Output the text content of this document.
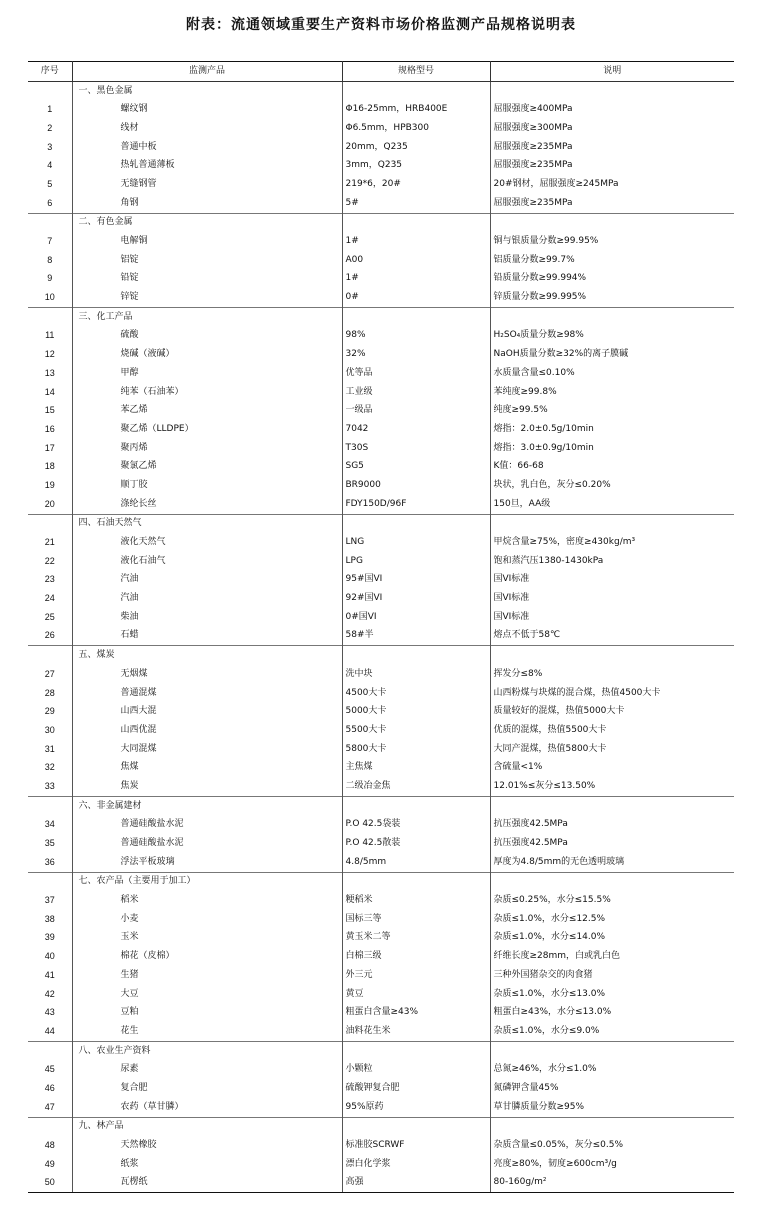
附表：流通领域重要生产资料市场价格监测产品规格说明表
序号	监测产品	规格型号	说明
	一、黑色金属		
1	螺纹钢	Φ16-25mm，HRB400E	屈服强度≥400MPa
2	线材	Φ6.5mm，HPB300	屈服强度≥300MPa
3	普通中板	20mm，Q235	屈服强度≥235MPa
4	热轧普通薄板	3mm，Q235	屈服强度≥235MPa
5	无缝钢管	219*6，20#	20#钢材，屈服强度≥245MPa
6	角钢	5#	屈服强度≥235MPa
	二、有色金属		
7	电解铜	1#	铜与银质量分数≥99.95%
8	铝锭	A00	铝质量分数≥99.7%
9	铅锭	1#	铅质量分数≥99.994%
10	锌锭	0#	锌质量分数≥99.995%
	三、化工产品		
11	硫酸	98%	H₂SO₄质量分数≥98%
12	烧碱（液碱）	32%	NaOH质量分数≥32%的离子膜碱
13	甲醇	优等品	水质量含量≤0.10%
14	纯苯（石油苯）	工业级	苯纯度≥99.8%
15	苯乙烯	一级品	纯度≥99.5%
16	聚乙烯（LLDPE）	7042	熔指：2.0±0.5g/10min
17	聚丙烯	T30S	熔指：3.0±0.9g/10min
18	聚氯乙烯	SG5	K值：66-68
19	顺丁胶	BR9000	块状，乳白色，灰分≤0.20%
20	涤纶长丝	FDY150D/96F	150旦，AA级
	四、石油天然气		
21	液化天然气	LNG	甲烷含量≥75%，密度≥430kg/m³
22	液化石油气	LPG	饱和蒸汽压1380-1430kPa
23	汽油	95#国VI	国VI标准
24	汽油	92#国VI	国VI标准
25	柴油	0#国VI	国VI标准
26	石蜡	58#半	熔点不低于58℃
	五、煤炭		
27	无烟煤	洗中块	挥发分≤8%
28	普通混煤	4500大卡	山西粉煤与块煤的混合煤，热值4500大卡
29	山西大混	5000大卡	质量较好的混煤，热值5000大卡
30	山西优混	5500大卡	优质的混煤，热值5500大卡
31	大同混煤	5800大卡	大同产混煤，热值5800大卡
32	焦煤	主焦煤	含硫量<1%
33	焦炭	二级冶金焦	12.01%≤灰分≤13.50%
	六、非金属建材		
34	普通硅酸盐水泥	P.O 42.5袋装	抗压强度42.5MPa
35	普通硅酸盐水泥	P.O 42.5散装	抗压强度42.5MPa
36	浮法平板玻璃	4.8/5mm	厚度为4.8/5mm的无色透明玻璃
	七、农产品（主要用于加工）		
37	稻米	粳稻米	杂质≤0.25%，水分≤15.5%
38	小麦	国标三等	杂质≤1.0%，水分≤12.5%
39	玉米	黄玉米二等	杂质≤1.0%，水分≤14.0%
40	棉花（皮棉）	白棉三级	纤维长度≥28mm，白或乳白色
41	生猪	外三元	三种外国猪杂交的肉食猪
42	大豆	黄豆	杂质≤1.0%，水分≤13.0%
43	豆粕	粗蛋白含量≥43%	粗蛋白≥43%，水分≤13.0%
44	花生	油料花生米	杂质≤1.0%，水分≤9.0%
	八、农业生产资料		
45	尿素	小颗粒	总氮≥46%，水分≤1.0%
46	复合肥	硫酸钾复合肥	氮磷钾含量45%
47	农药（草甘膦）	95%原药	草甘膦质量分数≥95%
	九、林产品		
48	天然橡胶	标准胶SCRWF	杂质含量≤0.05%，灰分≤0.5%
49	纸浆	漂白化学浆	亮度≥80%，韧度≥600cm³/g
50	瓦楞纸	高强	80-160g/m²
